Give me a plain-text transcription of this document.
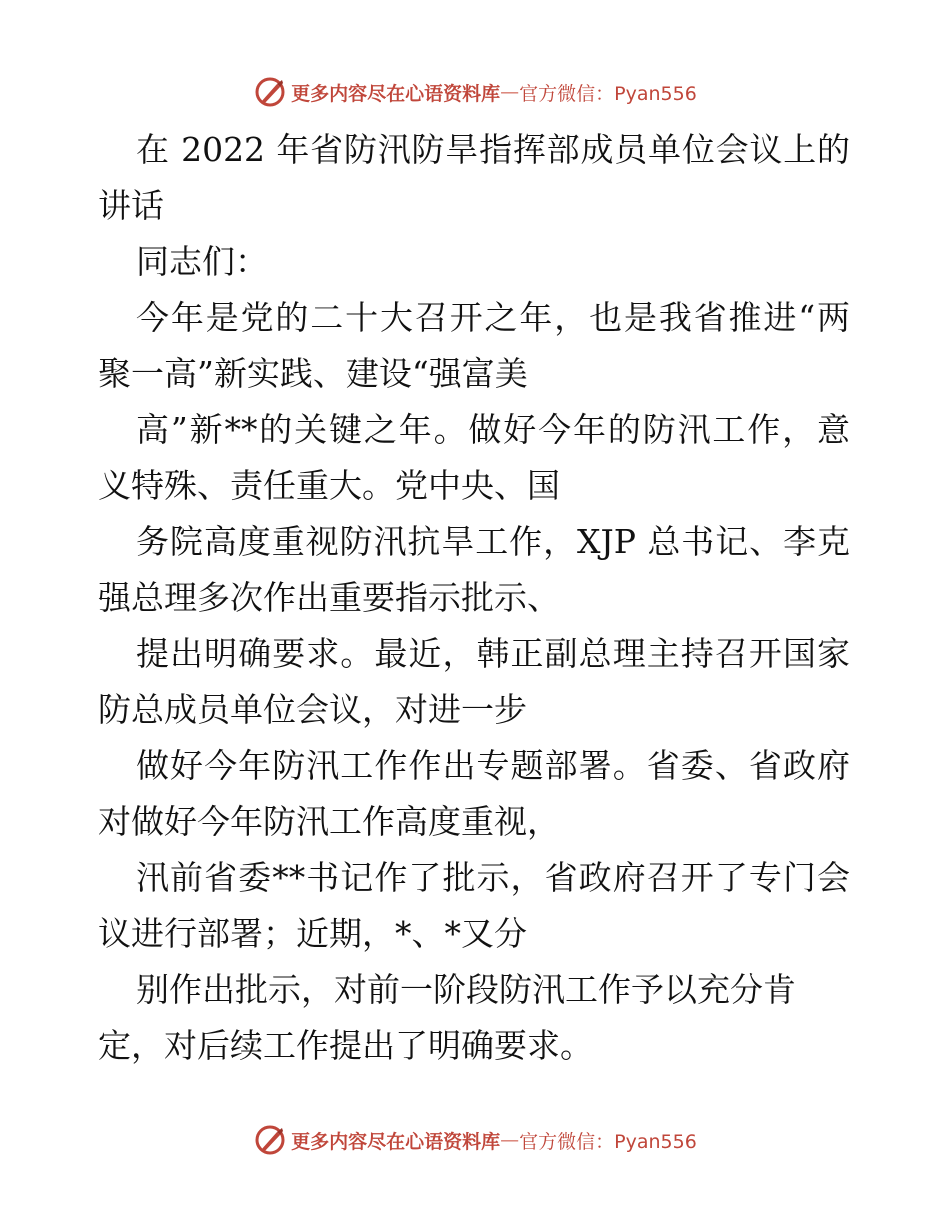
更多内容尽在心语资料库 — 官方微信：Pyan556
在 2022 年省防汛防旱指挥部成员单位会议上的
讲话
同志们：
今年是党的二十大召开之年，也是我省推进“两
聚一高”新实践、建设“强富美
高”新**的关键之年。做好今年的防汛工作，意
义特殊、责任重大。党中央、国
务院高度重视防汛抗旱工作，XJP 总书记、李克
强总理多次作出重要指示批示、
提出明确要求。最近，韩正副总理主持召开国家
防总成员单位会议，对进一步
做好今年防汛工作作出专题部署。省委、省政府
对做好今年防汛工作高度重视，
汛前省委**书记作了批示，省政府召开了专门会
议进行部署；近期，*、*又分
别作出批示，对前一阶段防汛工作予以充分肯
定，对后续工作提出了明确要求。
更多内容尽在心语资料库 — 官方微信：Pyan556
